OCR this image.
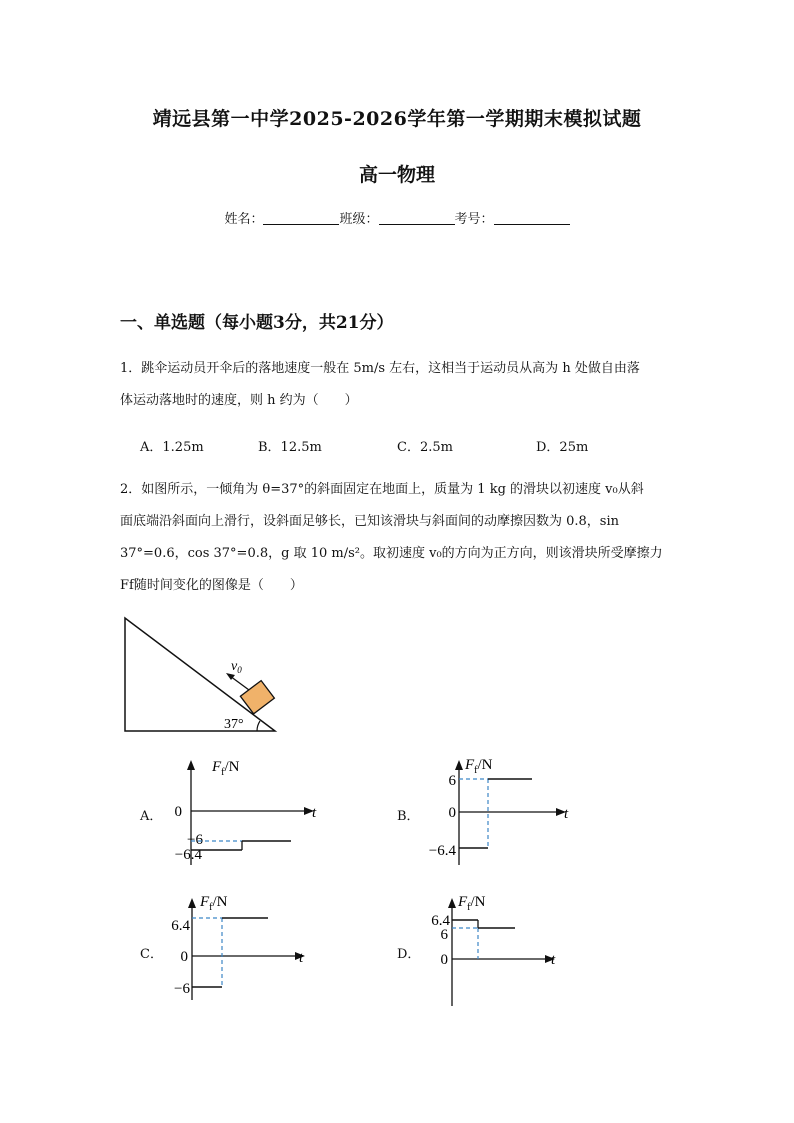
靖远县第一中学2025-2026学年第一学期期末模拟试题
高一物理
姓名：	班级：	考号：
一、单选题（每小题3分，共21分）
1．跳伞运动员开伞后的落地速度一般在 5m/s 左右，这相当于运动员从高为 h 处做自由落
体运动落地时的速度，则 h 约为（　　）
A．1.25m	B．12.5m	C．2.5m	D．25m
2．如图所示，一倾角为 θ=37°的斜面固定在地面上，质量为 1 kg 的滑块以初速度 v₀从斜
面底端沿斜面向上滑行，设斜面足够长，已知该滑块与斜面间的动摩擦因数为 0.8，sin
37°=0.6，cos 37°=0.8，g 取 10 m/s²。取初速度 v₀的方向为正方向，则该滑块所受摩擦力
Ff随时间变化的图像是（　　）
37°
$v_0$
A．	B．
C．	D．
$F_f/N$
t
0
−6
−6.4
$F_f/N$
t
0
6
−6.4
$F_f/N$
t
0
6.4
−6
$F_f/N$
t
0
6.4
6
